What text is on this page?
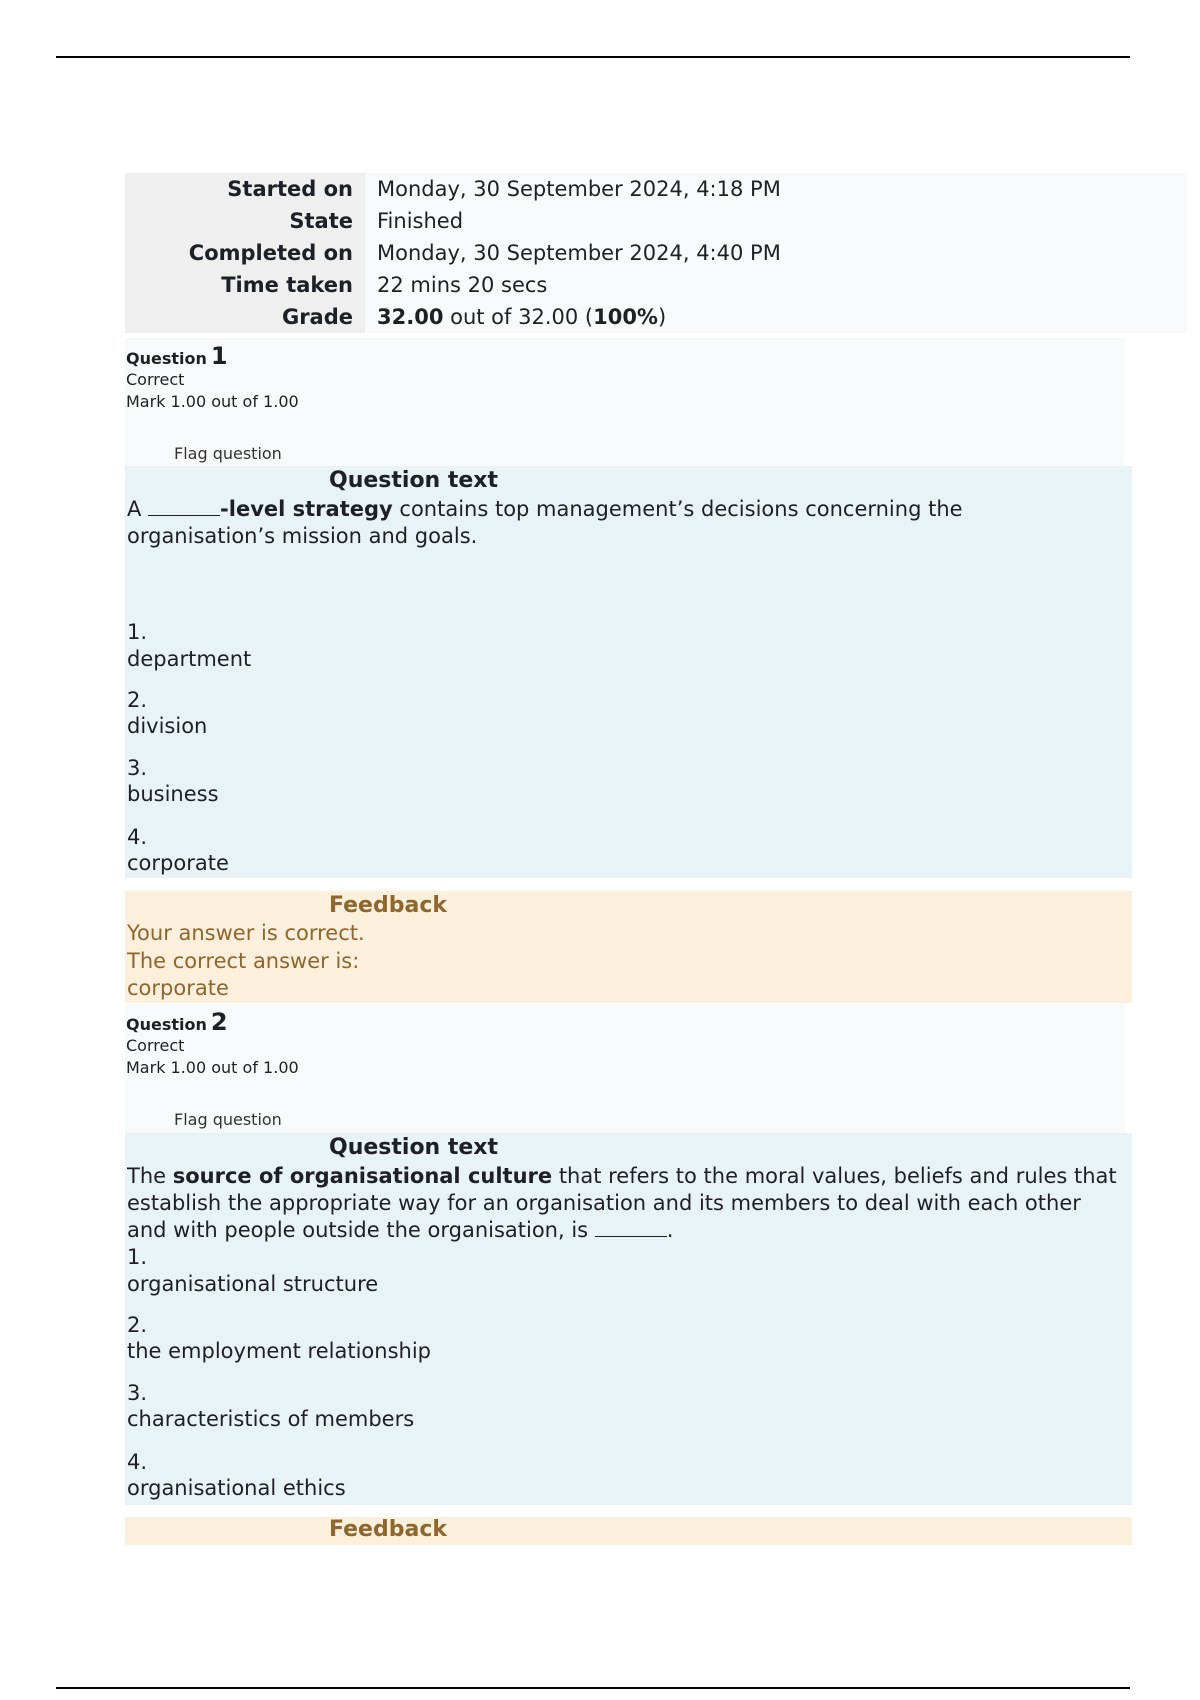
Started on	Monday, 30 September 2024, 4:18 PM
State	Finished
Completed on	Monday, 30 September 2024, 4:40 PM
Time taken	22 mins 20 secs
Grade	32.00 out of 32.00 ( 100% )
Question 1
Correct
Mark 1.00 out of 1.00
Flag question
Question text
A	-level strategy contains top management’s decisions concerning the organisation’s mission and goals.
1.
department
2.
division
3.
business
4.
corporate
Feedback
Your answer is correct.
The correct answer is:
corporate
Question 2
Correct
Mark 1.00 out of 1.00
Flag question
Question text
The source of organisational culture that refers to the moral values, beliefs and rules that establish the appropriate way for an organisation and its members to deal with each other and with people outside the organisation, is	.
1.
organisational structure
2.
the employment relationship
3.
characteristics of members
4.
organisational ethics
Feedback
